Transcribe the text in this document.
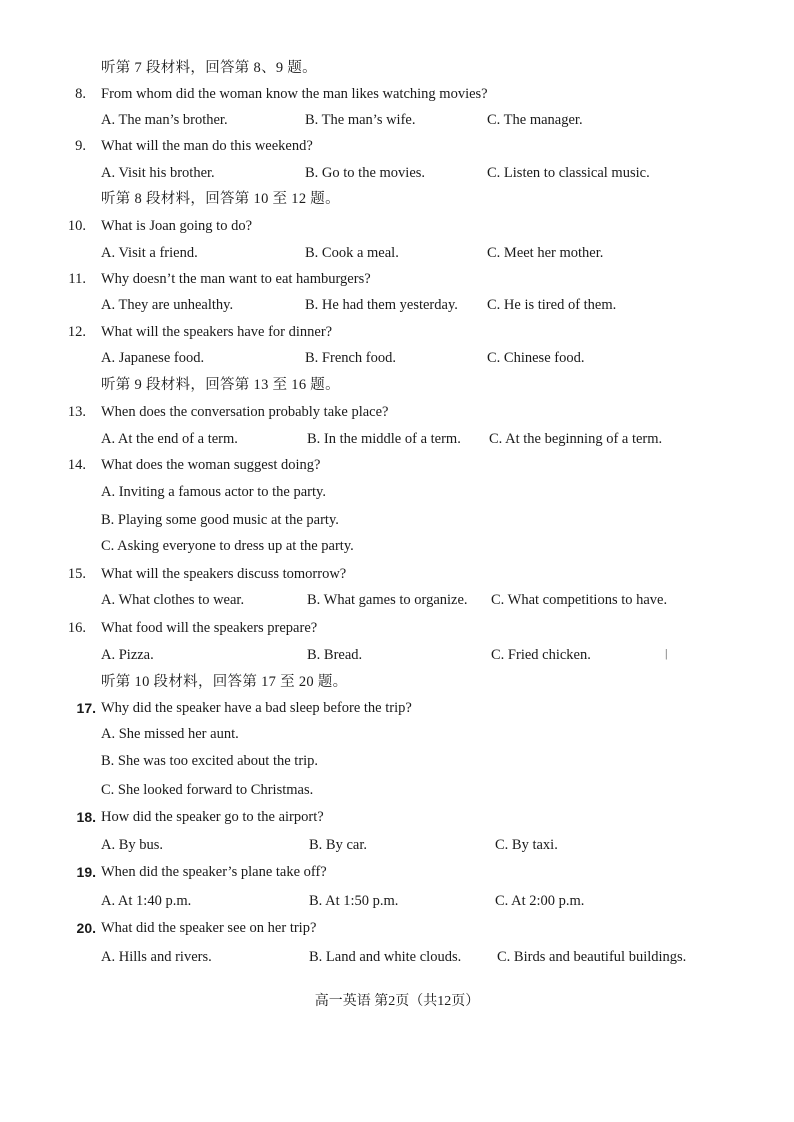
听第 7 段材料，回答第 8、9 题。
8. From whom did the woman know the man likes watching movies?
A. The man’s brother.	B. The man’s wife.	C. The manager.
9. What will the man do this weekend?
A. Visit his brother.	B. Go to the movies.	C. Listen to classical music.
听第 8 段材料，回答第 10 至 12 题。
10. What is Joan going to do?
A. Visit a friend.	B. Cook a meal.	C. Meet her mother.
11. Why doesn’t the man want to eat hamburgers?
A. They are unhealthy.	B. He had them yesterday. C. He is tired of them.
12. What will the speakers have for dinner?
A. Japanese food.	B. French food.	C. Chinese food.
听第 9 段材料，回答第 13 至 16 题。
13. When does the conversation probably take place?
A. At the end of a term.	B. In the middle of a term. C. At the beginning of a term.
14. What does the woman suggest doing?
A. Inviting a famous actor to the party.
B. Playing some good music at the party.
C. Asking everyone to dress up at the party.
15. What will the speakers discuss tomorrow?
A. What clothes to wear.	B. What games to organize. C. What competitions to have.
16. What food will the speakers prepare?
A. Pizza.	B. Bread.	C. Fried chicken.	|
听第 10 段材料，回答第 17 至 20 题。
17. Why did the speaker have a bad sleep before the trip?
A. She missed her aunt.
B. She was too excited about the trip.
C. She looked forward to Christmas.
18. How did the speaker go to the airport?
A. By bus.	B. By car.	C. By taxi.
19. When did the speaker’s plane take off?
A. At 1:40 p.m.	B. At 1:50 p.m.	C. At 2:00 p.m.
20. What did the speaker see on her trip?
A. Hills and rivers.	B. Land and white clouds. C. Birds and beautiful buildings.
高一英语 第2页（共12页）
